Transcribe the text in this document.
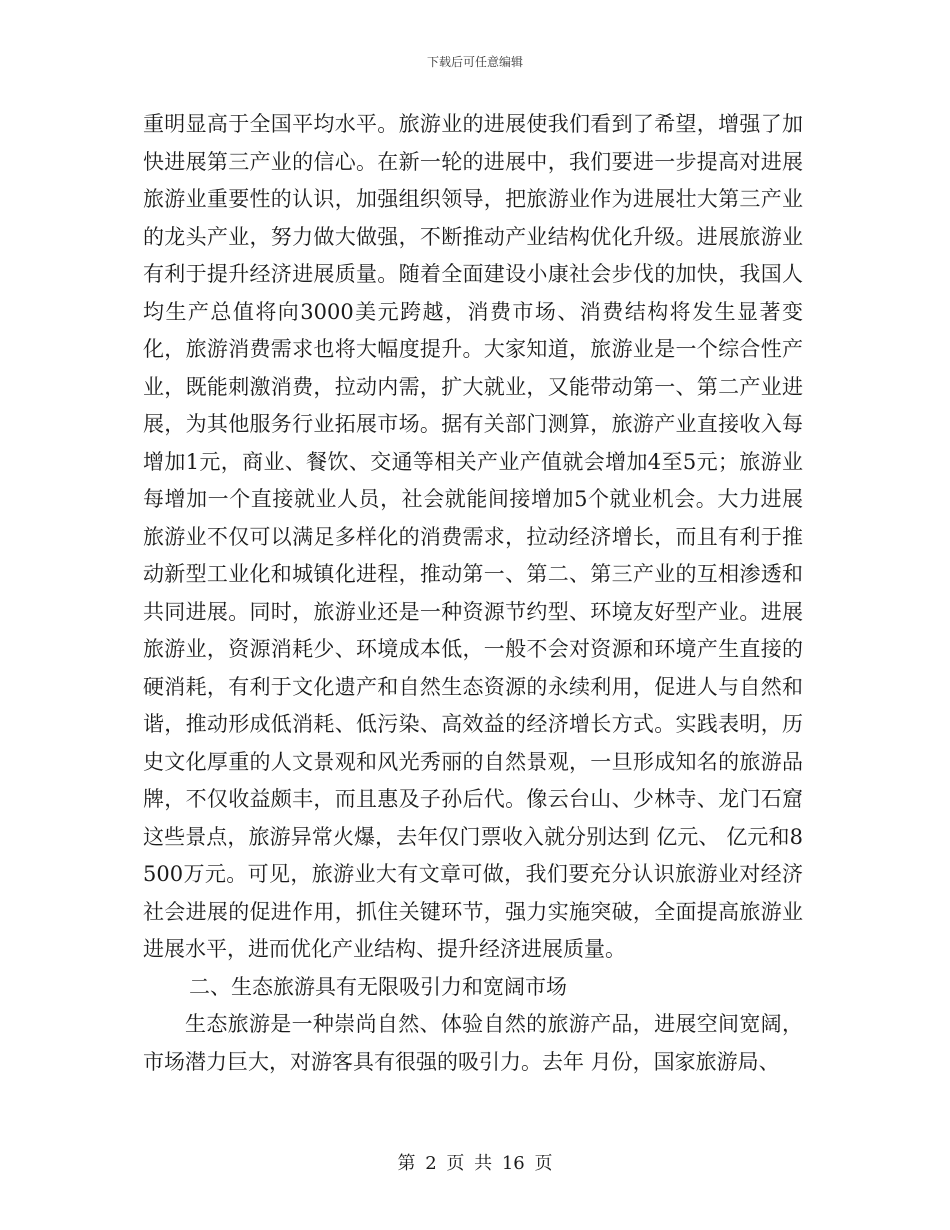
下载后可任意编辑

重明显高于全国平均水平。旅游业的进展使我们看到了希望，增强了加快进展第三产业的信心。在新一轮的进展中，我们要进一步提高对进展旅游业重要性的认识，加强组织领导，把旅游业作为进展壮大第三产业的龙头产业，努力做大做强，不断推动产业结构优化升级。进展旅游业有利于提升经济进展质量。随着全面建设小康社会步伐的加快，我国人均生产总值将向3000美元跨越，消费市场、消费结构将发生显著变化，旅游消费需求也将大幅度提升。大家知道，旅游业是一个综合性产业，既能刺激消费，拉动内需，扩大就业，又能带动第一、第二产业进展，为其他服务行业拓展市场。据有关部门测算，旅游产业直接收入每增加1元，商业、餐饮、交通等相关产业产值就会增加4至5元；旅游业每增加一个直接就业人员，社会就能间接增加5个就业机会。大力进展旅游业不仅可以满足多样化的消费需求，拉动经济增长，而且有利于推动新型工业化和城镇化进程，推动第一、第二、第三产业的互相渗透和共同进展。同时，旅游业还是一种资源节约型、环境友好型产业。进展旅游业，资源消耗少、环境成本低，一般不会对资源和环境产生直接的硬消耗，有利于文化遗产和自然生态资源的永续利用，促进人与自然和谐，推动形成低消耗、低污染、高效益的经济增长方式。实践表明，历史文化厚重的人文景观和风光秀丽的自然景观，一旦形成知名的旅游品牌，不仅收益颇丰，而且惠及子孙后代。像云台山、少林寺、龙门石窟这些景点，旅游异常火爆，去年仅门票收入就分别达到 亿元、 亿元和8500万元。可见，旅游业大有文章可做，我们要充分认识旅游业对经济社会进展的促进作用，抓住关键环节，强力实施突破，全面提高旅游业进展水平，进而优化产业结构、提升经济进展质量。

二、生态旅游具有无限吸引力和宽阔市场

生态旅游是一种崇尚自然、体验自然的旅游产品，进展空间宽阔，市场潜力巨大，对游客具有很强的吸引力。去年 月份，国家旅游局、

第 2 页 共 16 页
